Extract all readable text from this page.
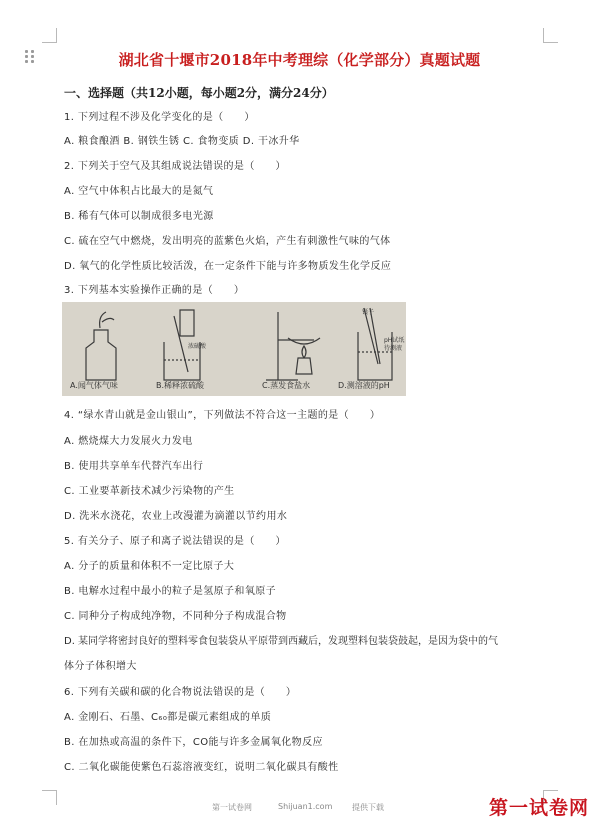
湖北省十堰市2018年中考理综（化学部分）真题试题
一、选择题（共12小题，每小题2分，满分24分）
1. 下列过程不涉及化学变化的是（　　）
A. 粮食酿酒 B. 钢铁生锈 C. 食物变质 D. 干冰升华
2. 下列关于空气及其组成说法错误的是（　　）
A. 空气中体积占比最大的是氮气
B. 稀有气体可以制成很多电光源
C. 硫在空气中燃烧，发出明亮的蓝紫色火焰，产生有刺激性气味的气体
D. 氧气的化学性质比较活泼，在一定条件下能与许多物质发生化学反应
3. 下列基本实验操作正确的是（　　）
浓硫酸
镊子
pH试纸
待测液
A.闻气体气味	B.稀释浓硫酸	C.蒸发食盐水	D.测溶液的pH
4. “绿水青山就是金山银山”，下列做法不符合这一主题的是（　　）
A. 燃烧煤大力发展火力发电
B. 使用共享单车代替汽车出行
C. 工业要革新技术减少污染物的产生
D. 洗米水浇花，农业上改漫灌为滴灌以节约用水
5. 有关分子、原子和离子说法错误的是（　　）
A. 分子的质量和体积不一定比原子大
B. 电解水过程中最小的粒子是氢原子和氧原子
C. 同种分子构成纯净物，不同种分子构成混合物
D. 某同学将密封良好的塑料零食包装袋从平原带到西藏后，发现塑料包装袋鼓起，是因为袋中的气
体分子体积增大
6. 下列有关碳和碳的化合物说法错误的是（　　）
A. 金刚石、石墨、C₆₀都是碳元素组成的单质
B. 在加热或高温的条件下，CO能与许多金属氧化物反应
C. 二氧化碳能使紫色石蕊溶液变红，说明二氧化碳具有酸性
第一试卷网	Shijuan1.com 提供下载	第一试卷网
